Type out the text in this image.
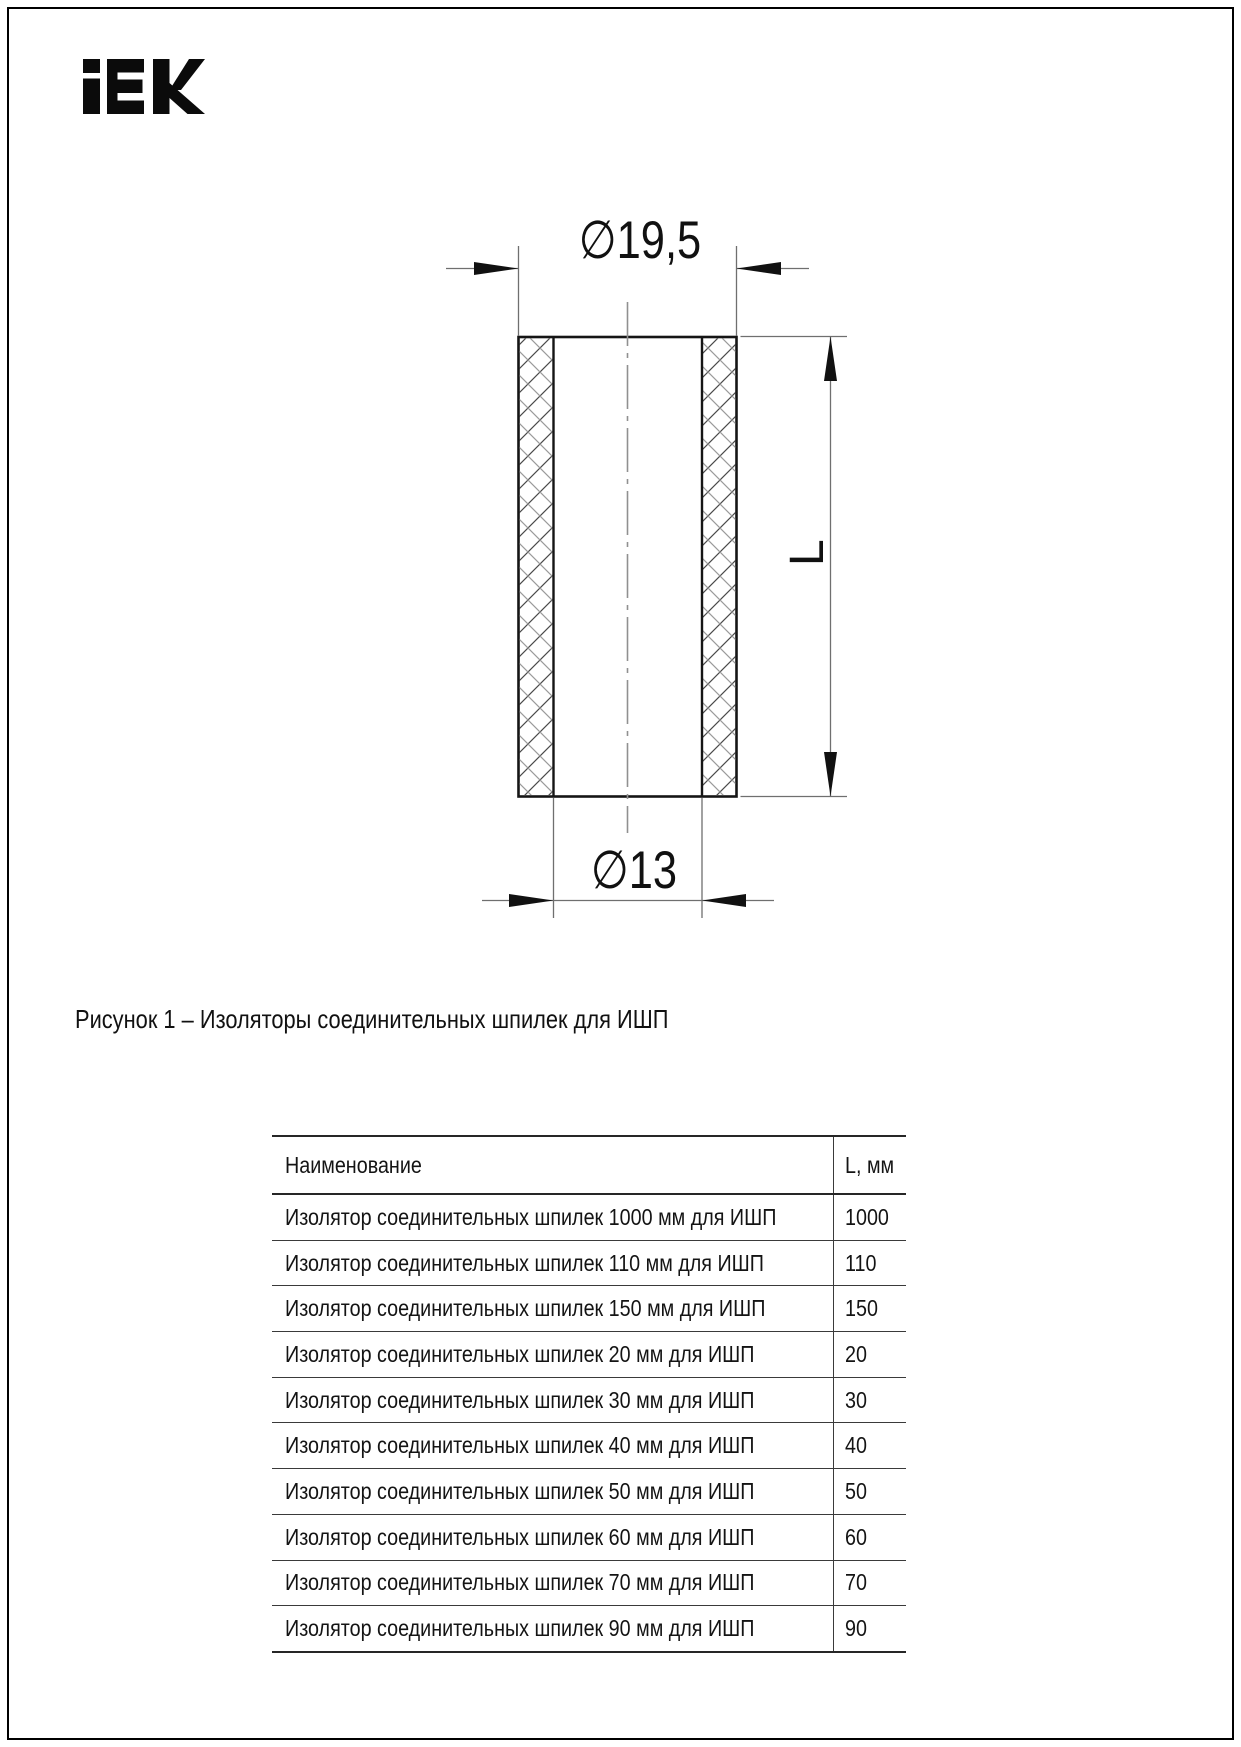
∅19,5
∅13
L
Рисунок 1 – Изоляторы соединительных шпилек для ИШП
Наименование	L, мм
Изолятор соединительных шпилек 1000 мм для ИШП	1000
Изолятор соединительных шпилек 110 мм для ИШП	110
Изолятор соединительных шпилек 150 мм для ИШП	150
Изолятор соединительных шпилек 20 мм для ИШП	20
Изолятор соединительных шпилек 30 мм для ИШП	30
Изолятор соединительных шпилек 40 мм для ИШП	40
Изолятор соединительных шпилек 50 мм для ИШП	50
Изолятор соединительных шпилек 60 мм для ИШП	60
Изолятор соединительных шпилек 70 мм для ИШП	70
Изолятор соединительных шпилек 90 мм для ИШП	90
